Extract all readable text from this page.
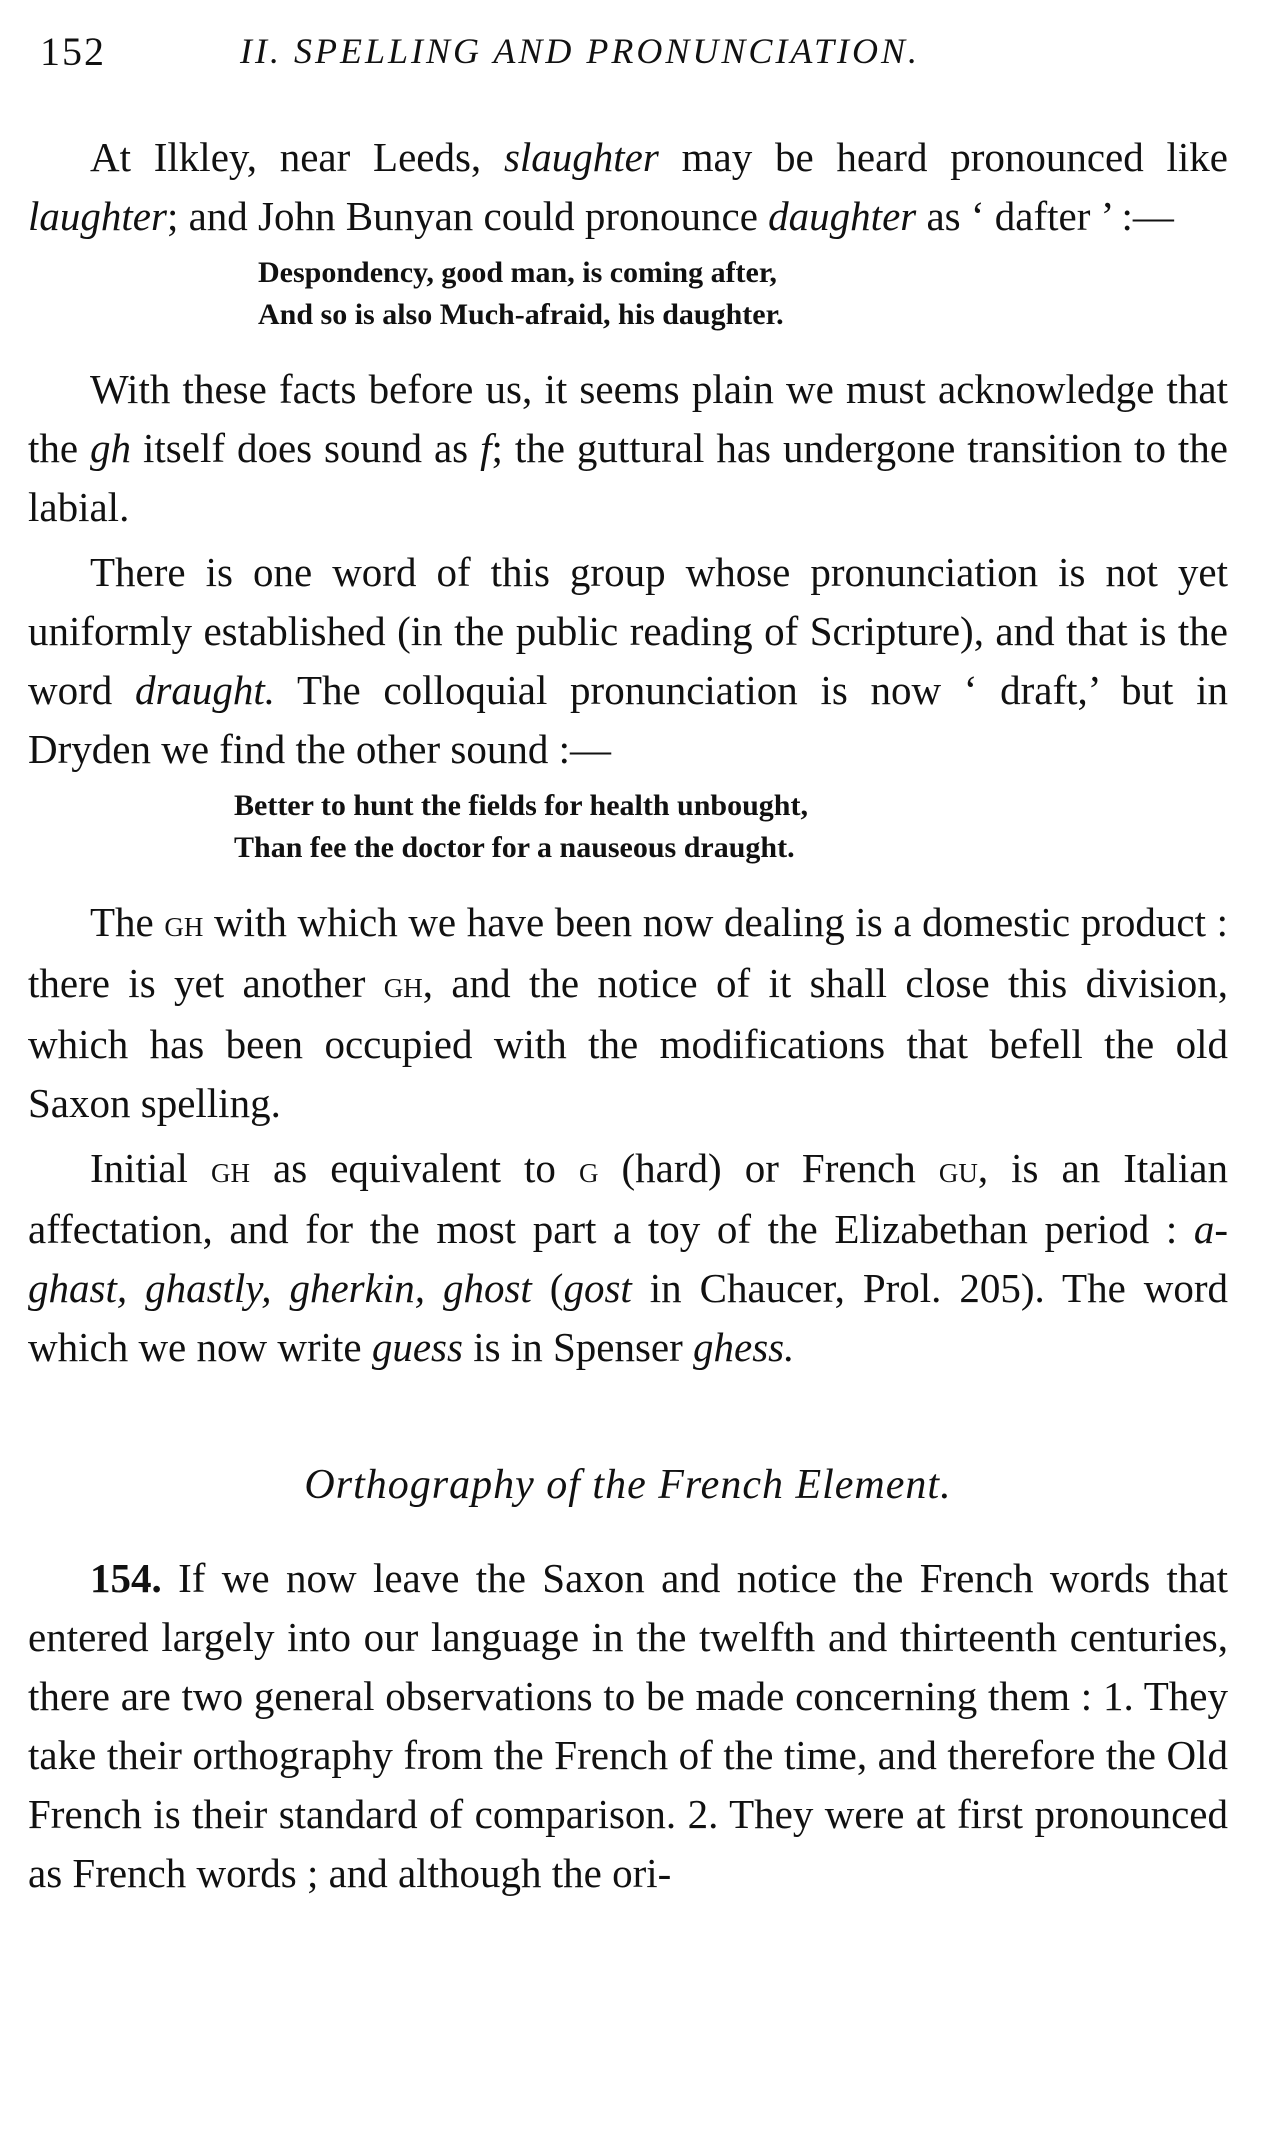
152	II. SPELLING AND PRONUNCIATION.

At Ilkley, near Leeds, slaughter may be heard pronounced like laughter; and John Bunyan could pronounce daughter as ‘ dafter ’ :—

Despondency, good man, is coming after,
And so is also Much-afraid, his daughter.

With these facts before us, it seems plain we must acknowledge that the gh itself does sound as f; the guttural has undergone transition to the labial.

There is one word of this group whose pronunciation is not yet uniformly established (in the public reading of Scripture), and that is the word draught. The colloquial pronunciation is now ‘ draft,’ but in Dryden we find the other sound :—

Better to hunt the fields for health unbought,
Than fee the doctor for a nauseous draught.

The gh with which we have been now dealing is a domestic product : there is yet another gh, and the notice of it shall close this division, which has been occupied with the modifications that befell the old Saxon spelling.

Initial gh as equivalent to g (hard) or French gu, is an Italian affectation, and for the most part a toy of the Elizabethan period : a-ghast, ghastly, gherkin, ghost (gost in Chaucer, Prol. 205). The word which we now write guess is in Spenser ghess.

Orthography of the French Element.

154. If we now leave the Saxon and notice the French words that entered largely into our language in the twelfth and thirteenth centuries, there are two general observations to be made concerning them : 1. They take their orthography from the French of the time, and therefore the Old French is their standard of comparison. 2. They were at first pronounced as French words ; and although the ori-
